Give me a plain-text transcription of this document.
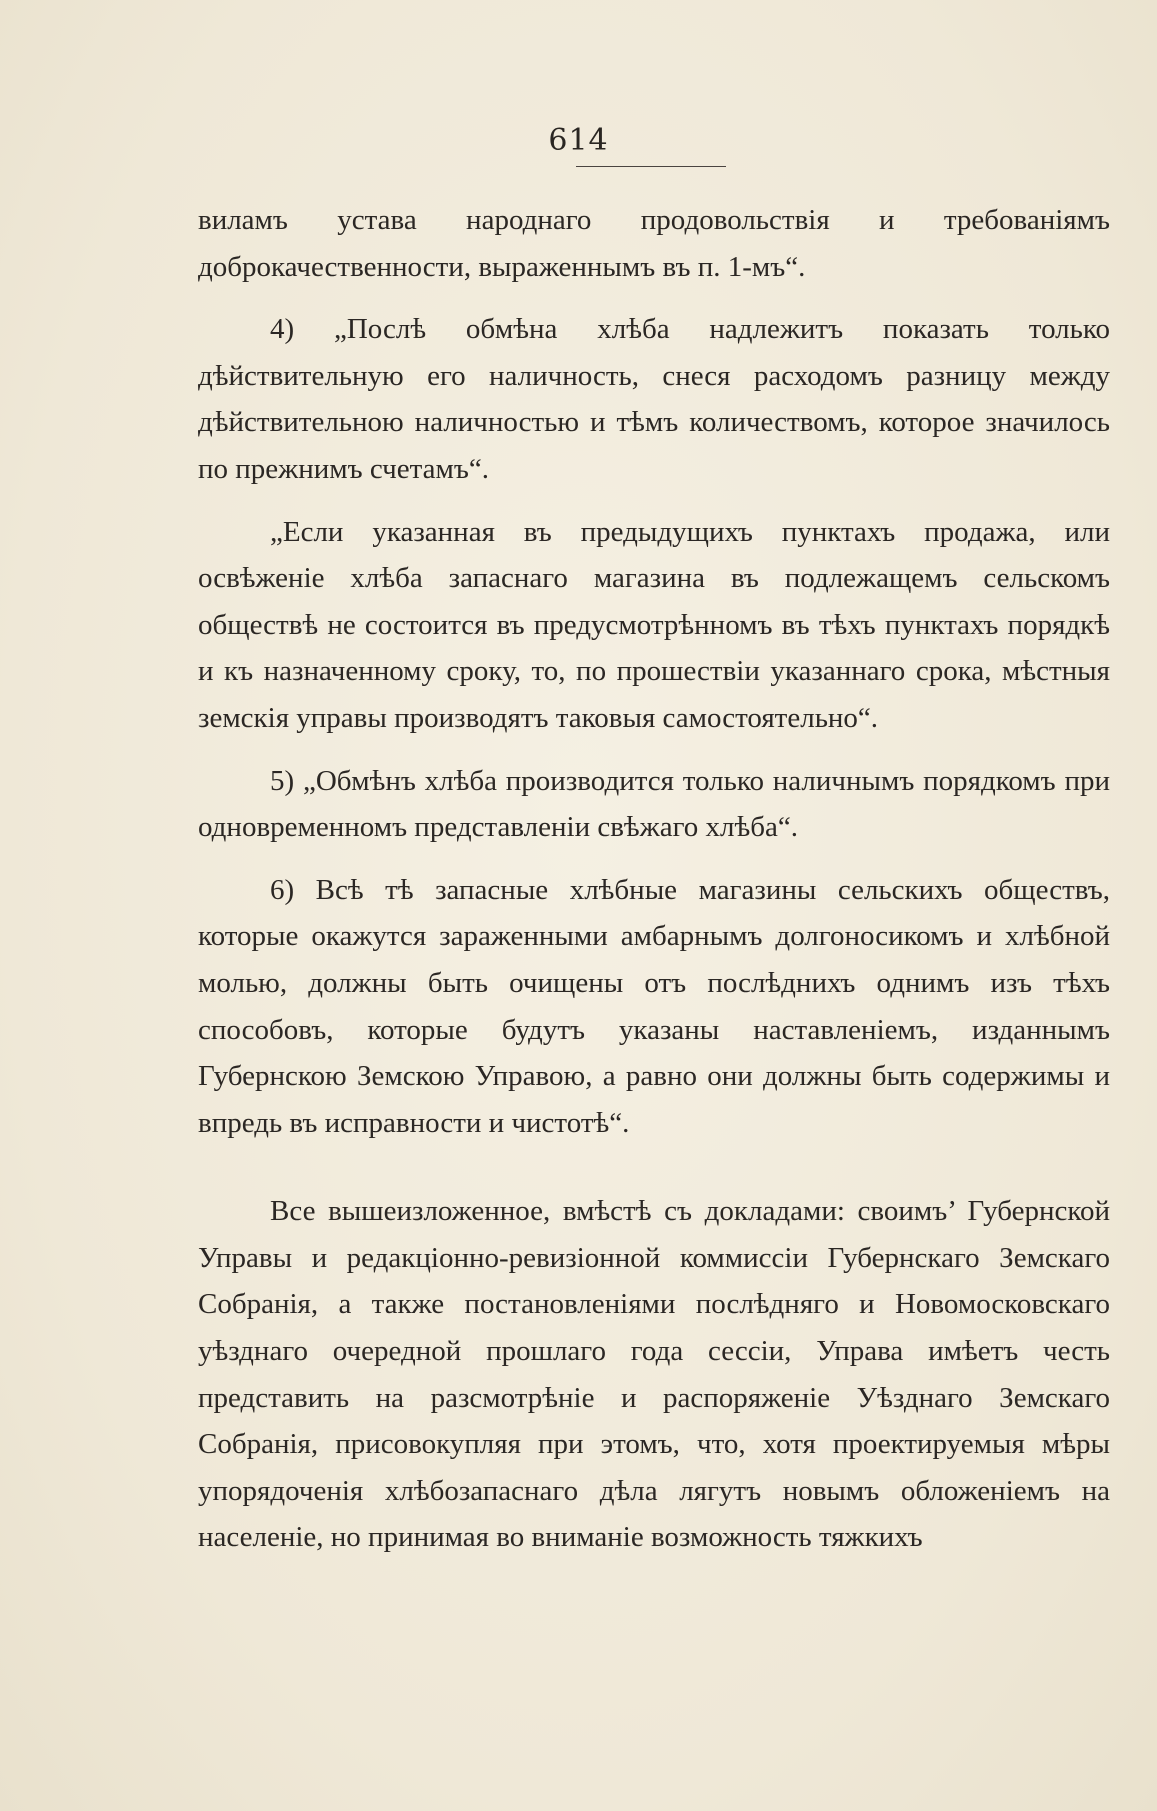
614

виламъ устава народнаго продовольствія и требованіямъ доброкачественности, выраженнымъ въ п. 1-мъ“.

4) „Послѣ обмѣна хлѣба надлежитъ показать только дѣйствительную его наличность, снеся расходомъ разницу между дѣйствительною наличностью и тѣмъ количествомъ, которое значилось по прежнимъ счетамъ“.

„Если указанная въ предыдущихъ пунктахъ продажа, или освѣженіе хлѣба запаснаго магазина въ подлежащемъ сельскомъ обществѣ не состоится въ предусмотрѣнномъ въ тѣхъ пунктахъ порядкѣ и къ назначенному сроку, то, по прошествіи указаннаго срока, мѣстныя земскія управы производятъ таковыя самостоятельно“.

5) „Обмѣнъ хлѣба производится только наличнымъ порядкомъ при одновременномъ представленіи свѣжаго хлѣба“.

6) Всѣ тѣ запасные хлѣбные магазины сельскихъ обществъ, которые окажутся зараженными амбарнымъ долгоносикомъ и хлѣбной молью, должны быть очищены отъ послѣднихъ однимъ изъ тѣхъ способовъ, которые будутъ указаны наставленіемъ, изданнымъ Губернскою Земскою Управою, а равно они должны быть содержимы и впредь въ исправности и чистотѣ“.

Все вышеизложенное, вмѣстѣ съ докладами: своимъ’ Губернской Управы и редакціонно-ревизіонной коммиссіи Губернскаго Земскаго Собранія, а также постановленіями послѣдняго и Новомосковскаго уѣзднаго очередной прошлаго года сессіи, Управа имѣетъ честь представить на разсмотрѣніе и распоряженіе Уѣзднаго Земскаго Собранія, присовокупляя при этомъ, что, хотя проектируемыя мѣры упорядоченія хлѣбозапаснаго дѣла лягутъ новымъ обложеніемъ на населеніе, но принимая во вниманіе возможность тяжкихъ
